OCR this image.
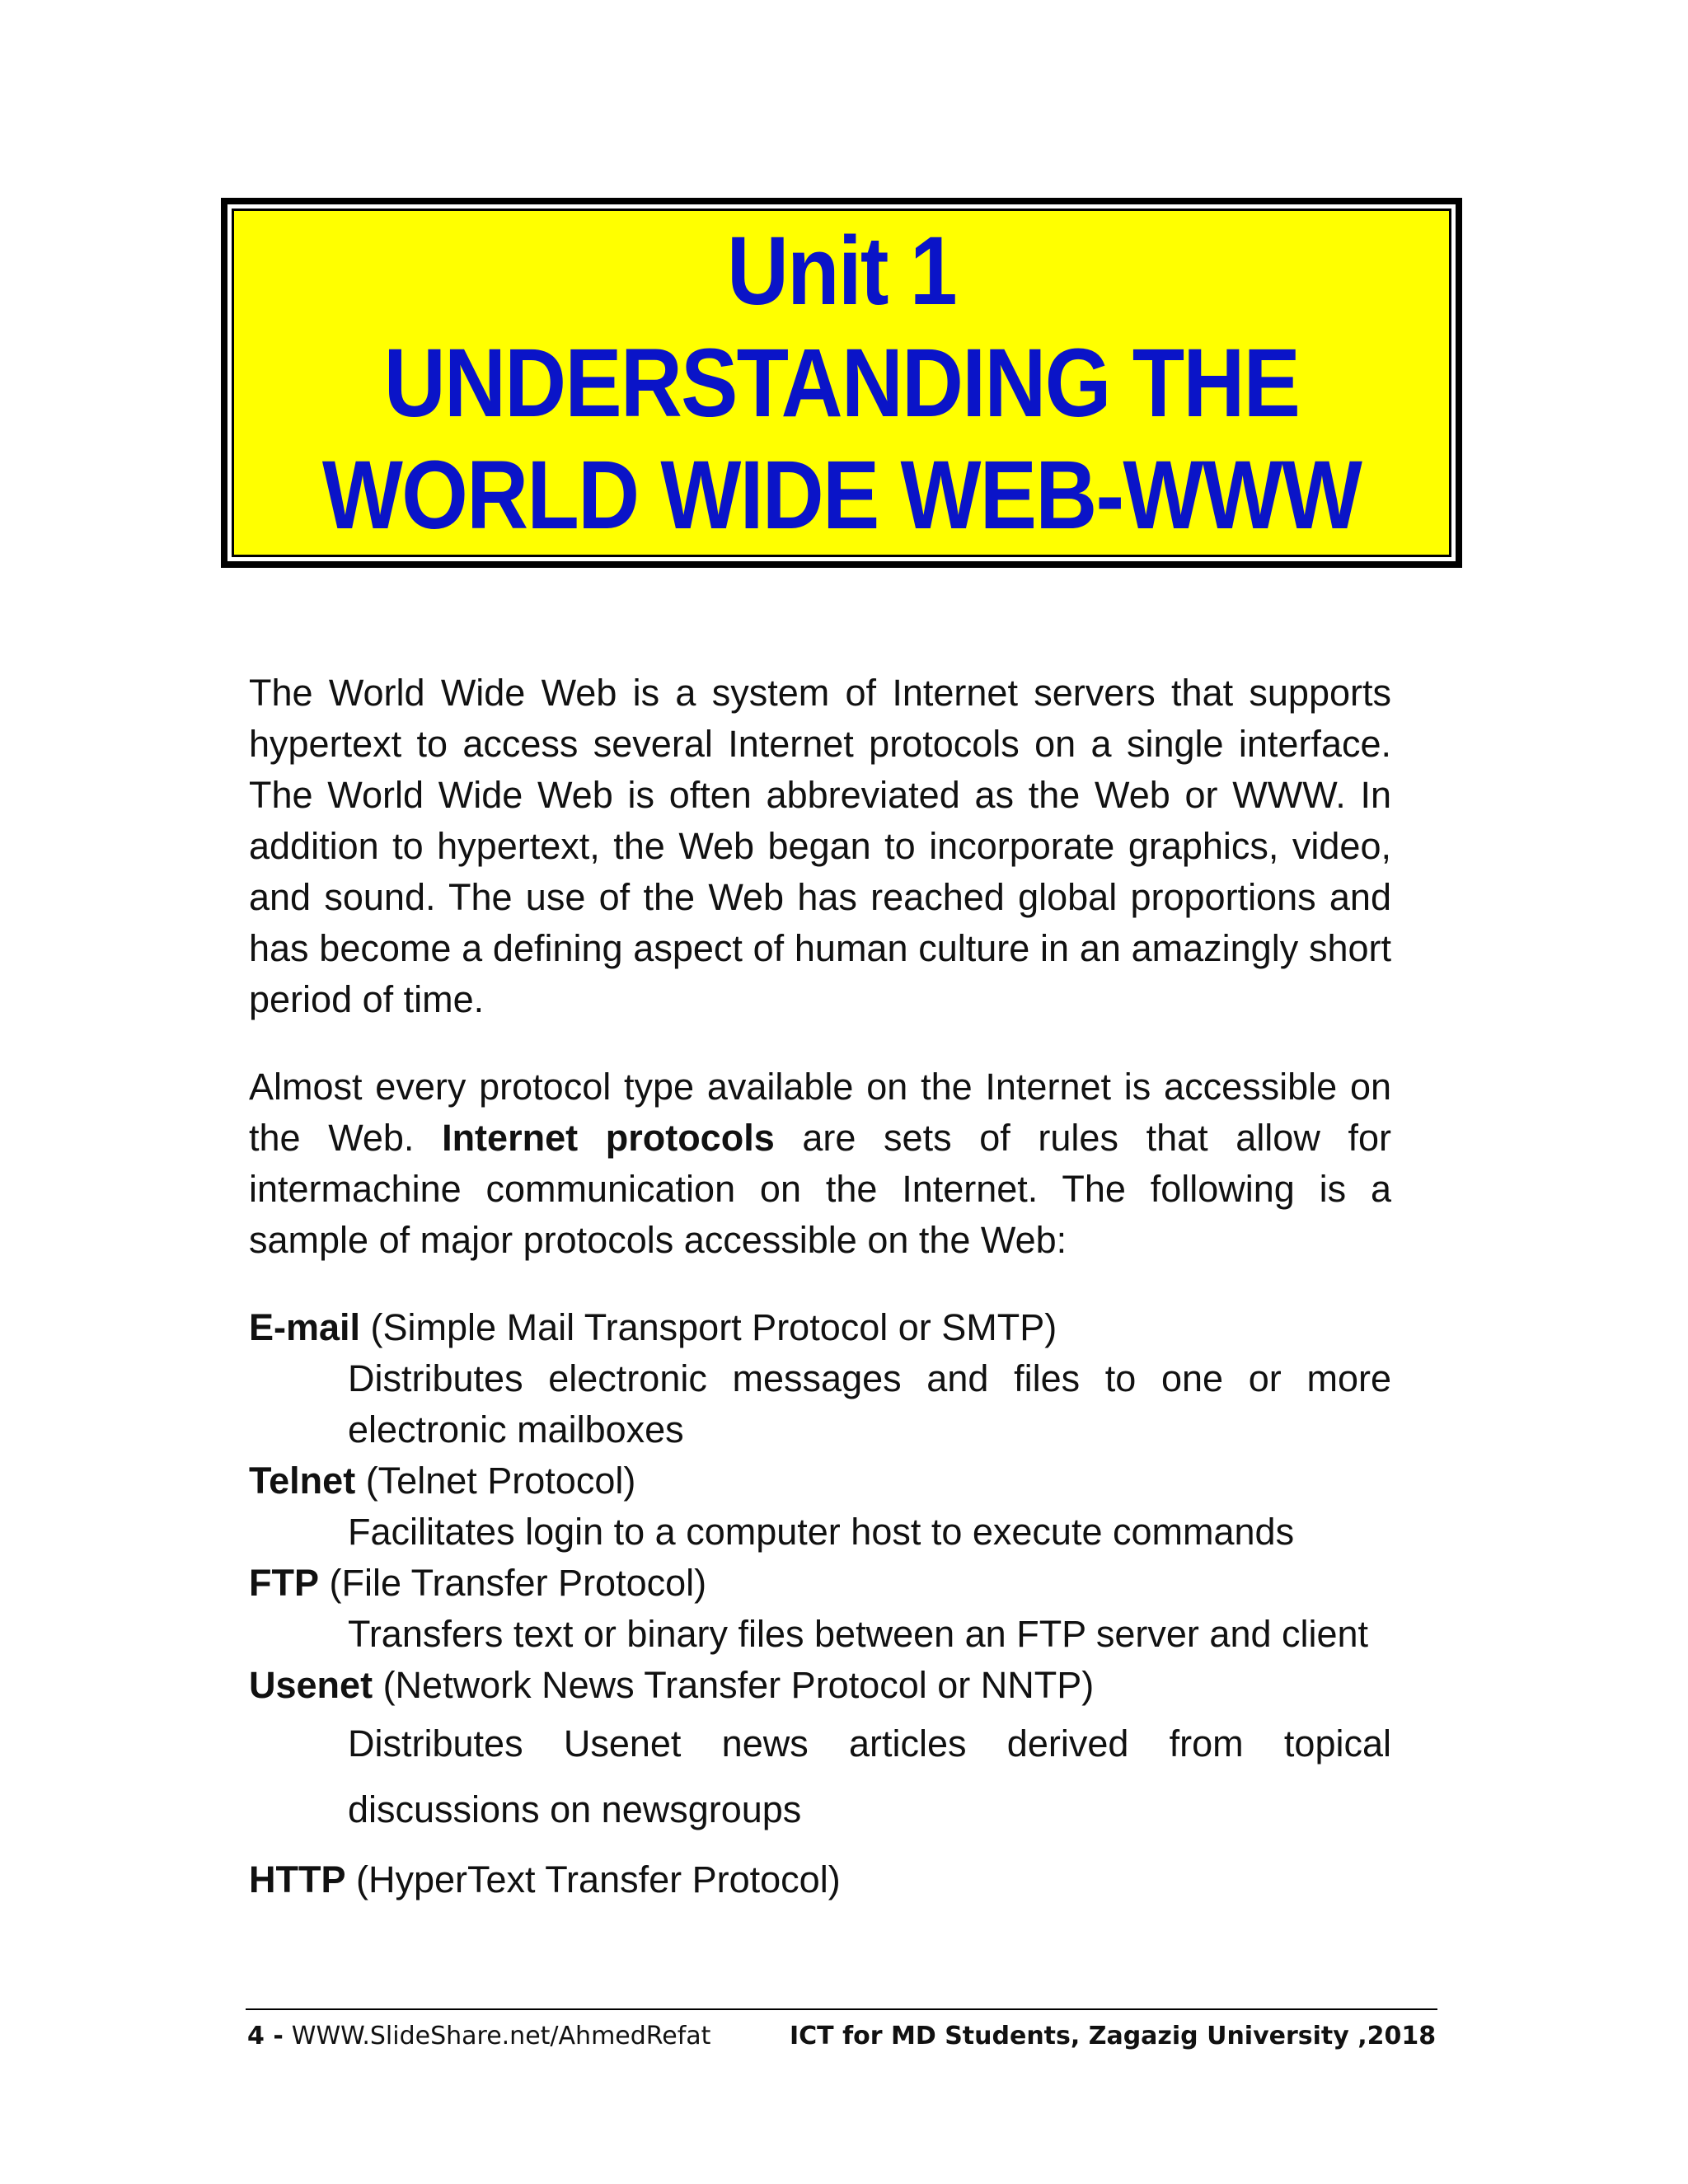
Unit 1
UNDERSTANDING THE
WORLD WIDE WEB-WWW

The World Wide Web is a system of Internet servers that supports hypertext to access several Internet protocols on a single interface. The World Wide Web is often abbreviated as the Web or WWW. In addition to hypertext, the Web began to incorporate graphics, video, and sound. The use of the Web has reached global proportions and has become a defining aspect of human culture in an amazingly short period of time.

Almost every protocol type available on the Internet is accessible on the Web. Internet protocols are sets of rules that allow for intermachine communication on the Internet. The following is a sample of major protocols accessible on the Web:

E-mail (Simple Mail Transport Protocol or SMTP)

Distributes electronic messages and files to one or more electronic mailboxes

Telnet (Telnet Protocol)

Facilitates login to a computer host to execute commands

FTP (File Transfer Protocol)

Transfers text or binary files between an FTP server and client

Usenet (Network News Transfer Protocol or NNTP)

Distributes Usenet news articles derived from topical discussions on newsgroups

HTTP (HyperText Transfer Protocol)

4 - WWW.SlideShare.net/AhmedRefat	ICT for MD Students, Zagazig University ,2018
